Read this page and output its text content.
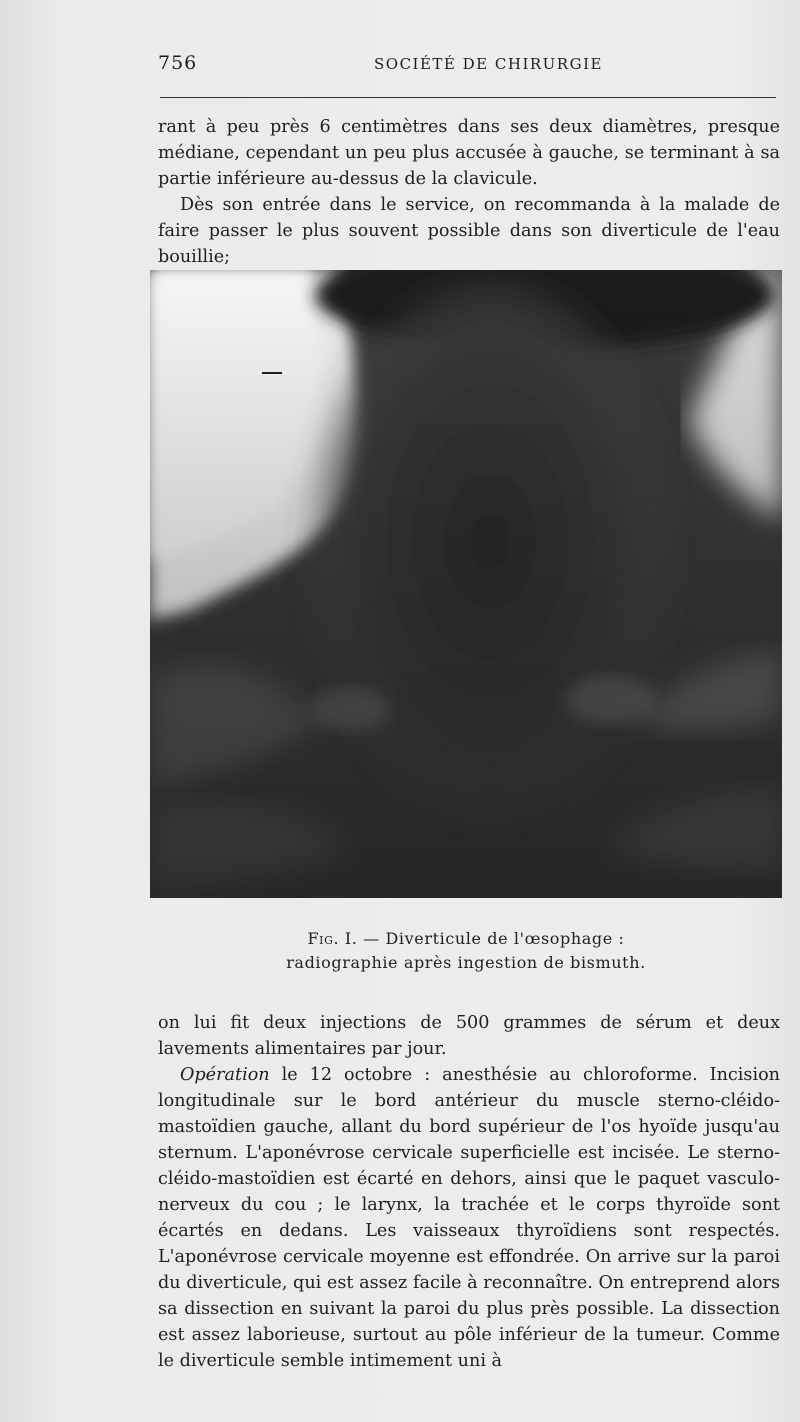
756	SOCIÉTÉ DE CHIRURGIE

rant à peu près 6 centimètres dans ses deux diamètres, presque médiane, cependant un peu plus accusée à gauche, se terminant à sa partie inférieure au-dessus de la clavicule.

Dès son entrée dans le service, on recommanda à la malade de faire passer le plus souvent possible dans son diverticule de l'eau bouillie;

Fig. I. — Diverticule de l'œsophage :
radiographie après ingestion de bismuth.

on lui fit deux injections de 500 grammes de sérum et deux lavements alimentaires par jour.

Opération le 12 octobre : anesthésie au chloroforme. Incision longitudinale sur le bord antérieur du muscle sterno-cléido-mastoïdien gauche, allant du bord supérieur de l'os hyoïde jusqu'au sternum. L'aponévrose cervicale superficielle est incisée. Le sterno-cléido-mastoïdien est écarté en dehors, ainsi que le paquet vasculo-nerveux du cou ; le larynx, la trachée et le corps thyroïde sont écartés en dedans. Les vaisseaux thyroïdiens sont respectés. L'aponévrose cervicale moyenne est effondrée. On arrive sur la paroi du diverticule, qui est assez facile à reconnaître. On entreprend alors sa dissection en suivant la paroi du plus près possible. La dissection est assez laborieuse, surtout au pôle inférieur de la tumeur. Comme le diverticule semble intimement uni à
